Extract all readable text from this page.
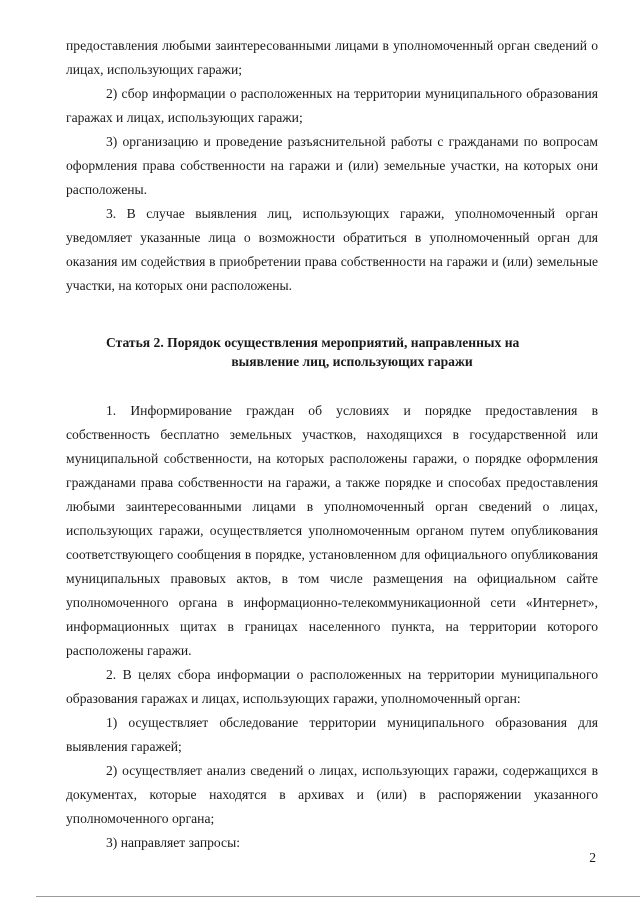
предоставления любыми заинтересованными лицами в уполномоченный орган сведений о лицах, использующих гаражи;

2) сбор информации о расположенных на территории муниципального образования гаражах и лицах, использующих гаражи;

3) организацию и проведение разъяснительной работы с гражданами по вопросам оформления права собственности на гаражи и (или) земельные участки, на которых они расположены.

3. В случае выявления лиц, использующих гаражи, уполномоченный орган уведомляет указанные лица о возможности обратиться в уполномоченный орган для оказания им содействия в приобретении права собственности на гаражи и (или) земельные участки, на которых они расположены.

Статья 2. Порядок осуществления мероприятий, направленных на
выявление лиц, использующих гаражи

1. Информирование граждан об условиях и порядке предоставления в собственность бесплатно земельных участков, находящихся в государственной или муниципальной собственности, на которых расположены гаражи, о порядке оформления гражданами права собственности на гаражи, а также порядке и способах предоставления любыми заинтересованными лицами в уполномоченный орган сведений о лицах, использующих гаражи, осуществляется уполномоченным органом путем опубликования соответствующего сообщения в порядке, установленном для официального опубликования муниципальных правовых актов, в том числе размещения на официальном сайте уполномоченного органа в информационно-телекоммуникационной сети «Интернет», информационных щитах в границах населенного пункта, на территории которого расположены гаражи.

2. В целях сбора информации о расположенных на территории муниципального образования гаражах и лицах, использующих гаражи, уполномоченный орган:

1) осуществляет обследование территории муниципального образования для выявления гаражей;

2) осуществляет анализ сведений о лицах, использующих гаражи, содержащихся в документах, которые находятся в архивах и (или) в распоряжении указанного уполномоченного органа;

3) направляет запросы:

2
